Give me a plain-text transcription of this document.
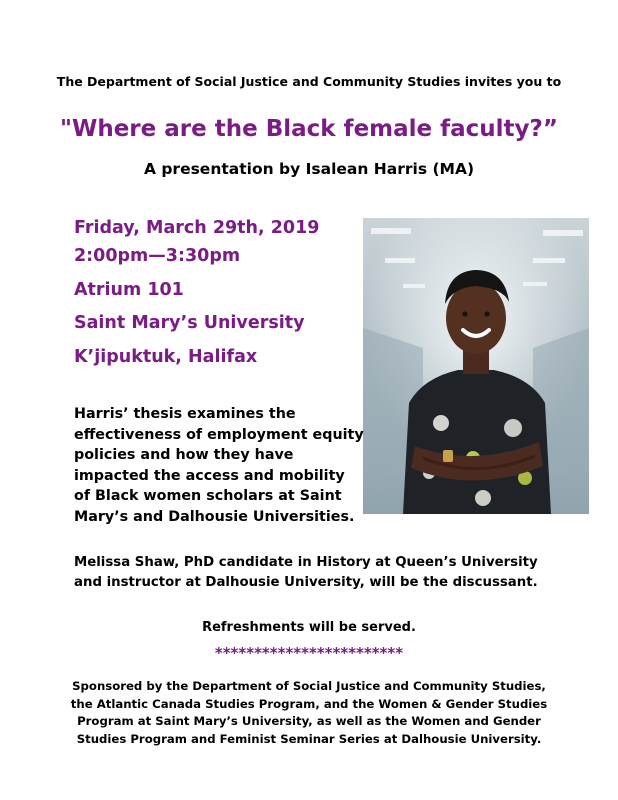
The Department of Social Justice and Community Studies invites you to
"Where are the Black female faculty?”
A presentation by Isalean Harris (MA)
Friday, March 29th, 2019
2:00pm—3:30pm
Atrium 101
Saint Mary’s University
K’jipuktuk, Halifax
Harris’ thesis examines the effectiveness of employment equity policies and how they have impacted the access and mobility of Black women scholars at Saint Mary’s and Dalhousie Universities.
Melissa Shaw, PhD candidate in History at Queen’s University
and instructor at Dalhousie University, will be the discussant.
Refreshments will be served.
************************
Sponsored by the Department of Social Justice and Community Studies, the Atlantic Canada Studies Program, and the Women & Gender Studies Program at Saint Mary’s University, as well as the Women and Gender Studies Program and Feminist Seminar Series at Dalhousie University.
